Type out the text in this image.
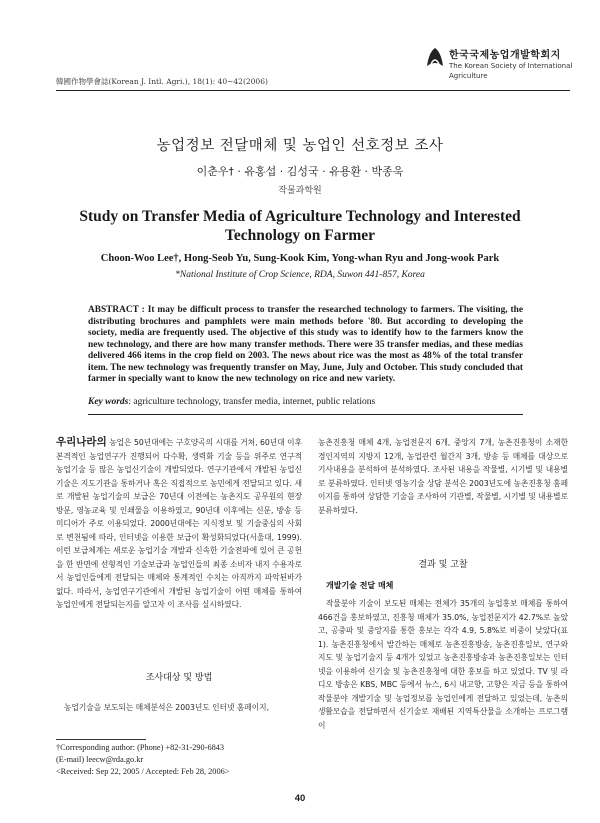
韓國作物學會誌(Korean J. Intl. Agri.), 18(1): 40~42(2006)
한국국제농업개발학회지
The Korean Society of International
Agriculture
농업정보 전달매체 및 농업인 선호정보 조사
이춘우† · 유홍섭 · 김성국 · 유용환 · 박종욱
작물과학원
Study on Transfer Media of Agriculture Technology and Interested Technology on Farmer
Choon-Woo Lee†, Hong-Seob Yu, Sung-Kook Kim, Yong-whan Ryu and Jong-wook Park
*National Institute of Crop Science, RDA, Suwon 441-857, Korea
ABSTRACT : It may be difficult process to transfer the researched technology to farmers. The visiting, the distributing brochures and pamphlets were main methods before '80. But according to developing the society, media are frequently used. The objective of this study was to identify how to the farmers know the new technology, and there are how many transfer methods. There were 35 transfer medias, and these medias delivered 466 items in the crop field on 2003. The news about rice was the most as 48% of the total transfer item. The new technology was frequently transfer on May, June, July and October. This study concluded that farmer in specially want to know the new technology on rice and new variety.
Key words: agriculture technology, transfer media, internet, public relations
우리나라의 농업은 50년대에는 구호양곡의 시대를 거쳐, 60년대 이후 본격적인 농업연구가 진행되어 다수확, 생력화 기술 등을 위주로 연구적 농업기술 등 많은 농업신기술이 개발되었다. 연구기관에서 개발된 농업신기술은 지도기관을 통하거나 혹은 직접적으로 농민에게 전달되고 있다. 새로 개발된 농업기술의 보급은 70년대 이전에는 농촌지도 공무원의 현장 방문, 영농교육 및 인쇄물을 이용하였고, 90년대 이후에는 신문, 방송 등 미디어가 주로 이용되었다. 2000년대에는 지식정보 및 기술중심의 사회로 변천됨에 따라, 인터넷을 이용한 보급이 확성화되었다(서울대, 1999). 이런 보급체계는 새로운 농업기술 개발과 신속한 기술전파에 있어 큰 공헌을 한 반면에 선형적인 기술보급과 농업인들의 최종 소비자 내지 수용자로서 농업인들에게 전달되는 매체와 통계적인 수치는 아직까지 파악된바가 없다. 따라서, 농업연구기관에서 개발된 농업기술이 어떤 매체를 통하여 농업인에게 전달되는지를 알고자 이 조사를 실시하였다.
조사대상 및 방법
농업기술을 보도되는 매체분석은 2003년도 인터넷 홈페이지,
농촌진흥청 매체 4개, 농업전문지 6개, 중앙지 7개, 농촌진흥청이 소재한 경인지역의 지방지 12개, 농업관련 월간지 3개, 방송 등 매체를 대상으로 기사내용을 분석하여 분석하였다. 조사된 내용을 작물별, 시기별 및 내용별로 분류하였다. 인터넷 영농기술 상담 분석은 2003년도에 농촌진흥청 홈페이지를 통하여 상담한 기술을 조사하여 기관별, 작물별, 시기별 및 내용별로 분류하였다.
결과 및 고찰
개발기술 전달 매체
작물분야 기술이 보도된 매체는 전체가 35개의 농업홍보 매체를 통하여 466건을 홍보하였고, 진흥청 매체가 35.0%, 농업전문지가 42.7%로 높았고, 공중파 및 중앙지를 통한 홍보는 각각 4.9, 5.8%로 비중이 낮았다(표 1). 농촌진흥청에서 발간하는 매체로 농촌진흥방송, 농촌진흥일보, 연구와 지도 및 농업기술지 등 4개가 있었고 농촌진흥방송과 농촌진흥일보는 인터넷을 이용하여 신기술 및 농촌진흥청에 대한 홍보를 하고 있었다. TV 및 라디오 방송은 KBS, MBC 등에서 뉴스, 6시 내고향, 고향은 지금 등을 통하여 작물분야 개발기술 및 농업정보를 농업인에게 전달하고 있었는데, 농촌의 생활모습을 전달하면서 신기술로 재배된 지역특산물을 소개하는 프로그램이
†Corresponding author: (Phone) +82-31-290-6843
(E-mail) leecw@rda.go.kr
<Received: Sep 22, 2005 / Accepted: Feb 28, 2006>
40
